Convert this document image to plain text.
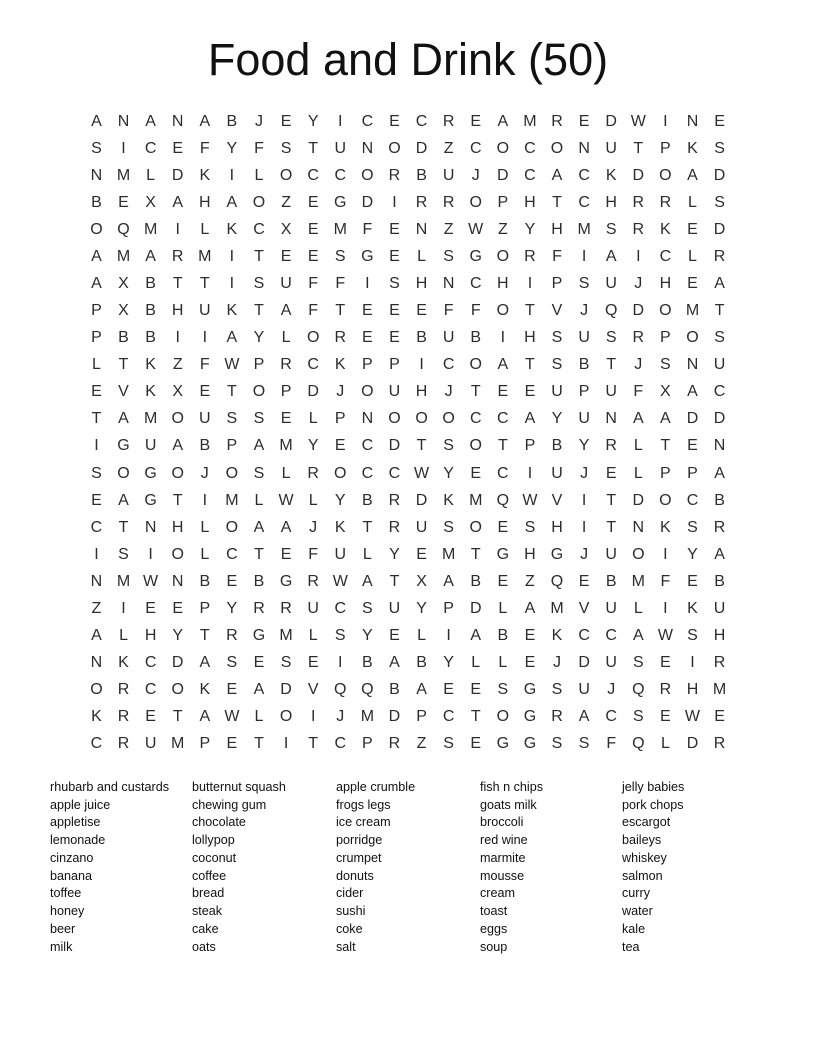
Food and Drink (50)
A N A N A	B	J	E	Y	I	C E C R E	A M R E D W	I	N E
S	I	C E	F	Y	F	S	T	U N O D	Z	C O C O N U	T	P	K	S
N M L	D K	I	L	O C C O R B U	J	D C A C K D O A D
B	E	X	A H A O Z	E G D	I	R R O P H	T	C H R R	L	S
O Q M	I	L	K C X	E M F	E N	Z W Z	Y H M S R K	E D
A M A R M	I	T	E	E	S G E	L	S G O R	F	I	A	I	C	L	R
A	X	B	T	T	I	S U	F	F	I	S H N C H	I	P	S U	J	H E	A
P	X	B H U K	T	A	F	T	E	E	E	F	F O T	V	J	Q D O M T
P	B	B	I	I	A	Y	L	O R E	E	B U B	I	H S U S R P O S
L	T	K	Z	F W P R C K	P	P	I	C O A	T	S	B	T	J	S N U
E	V	K	X	E	T O P D	J	O U H	J	T	E	E U P U	F	X	A C
T	A M O U S	S	E	L	P N O O O C C A	Y U N A	A D D
I	G U A	B	P	A M Y	E C D	T	S O T	P	B	Y R	L	T	E N
S O G O	J	O S	L	R O C C W Y	E C	I	U	J	E	L	P	P	A
E	A G T	I	M L W L	Y	B R D K M Q W V	I	T	D O C B
C	T	N H	L	O A	A	J	K	T	R U S O E	S H	I	T	N K	S R
I	S	I	O	L	C	T	E	F	U	L	Y	E M T G H G	J	U O	I	Y	A
N M W N B	E	B G R W A	T	X	A	B	E	Z Q E	B M F	E	B
Z	I	E	E	P	Y R R U C S U Y	P D	L	A M V U	L	I	K U
A	L	H Y	T	R G M L	S	Y	E	L	I	A	B	E	K C C A W S H
N K C D A	S	E	S	E	I	B	A	B	Y	L	L	E	J	D U S	E	I	R
O R C O K	E	A D V Q Q B	A	E	E	S G S U	J	Q R H M
K R E	T	A W L	O	I	J	M D P C	T O G R A C S	E W E
C R U M P	E	T	I	T	C P R	Z	S	E G G S	S	F Q	L	D R
rhubarb and custards
apple juice
appletise
lemonade
cinzano
banana
toffee
honey
beer
milk
butternut squash
chewing gum
chocolate
lollypop
coconut
coffee
bread
steak
cake
oats
apple crumble
frogs legs
ice cream
porridge
crumpet
donuts
cider
sushi
coke
salt
fish n chips
goats milk
broccoli
red wine
marmite
mousse
cream
toast
eggs
soup
jelly babies
pork chops
escargot
baileys
whiskey
salmon
curry
water
kale
tea
